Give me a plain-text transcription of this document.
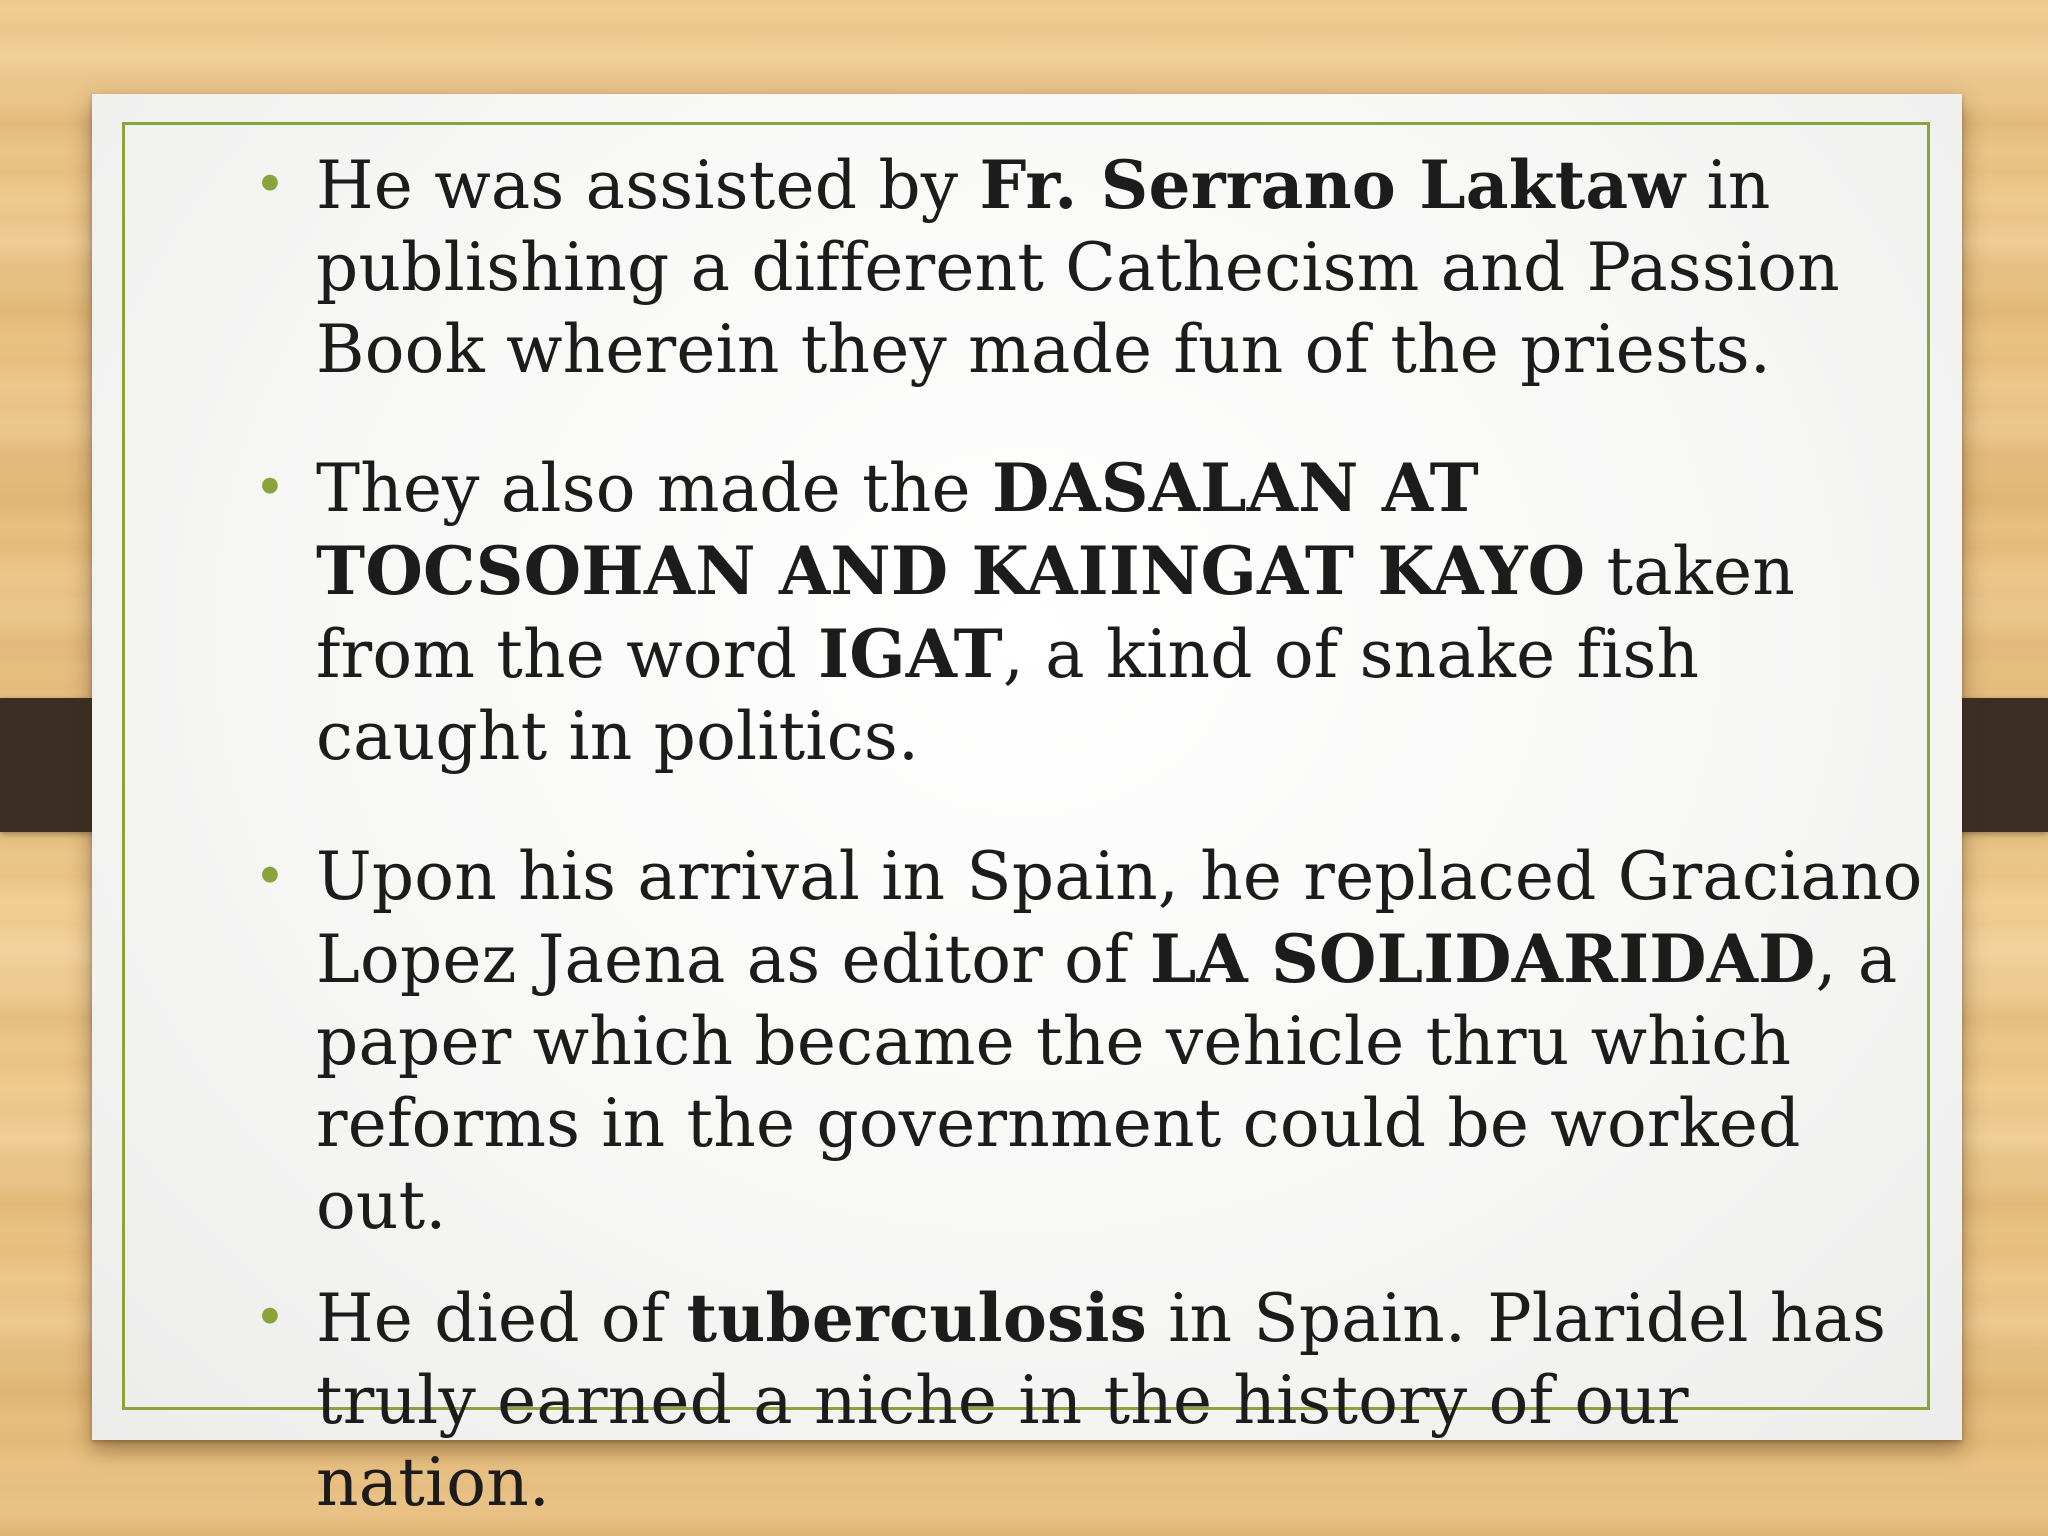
• He was assisted by Fr. Serrano Laktaw in publishing a different Cathecism and Passion Book wherein they made fun of the priests.
• They also made the DASALAN AT TOCSOHAN AND KAIINGAT KAYO taken from the word IGAT, a kind of snake fish caught in politics.
• Upon his arrival in Spain, he replaced Graciano Lopez Jaena as editor of LA SOLIDARIDAD, a paper which became the vehicle thru which reforms in the government could be worked out.
• He died of tuberculosis in Spain. Plaridel has truly earned a niche in the history of our nation.
